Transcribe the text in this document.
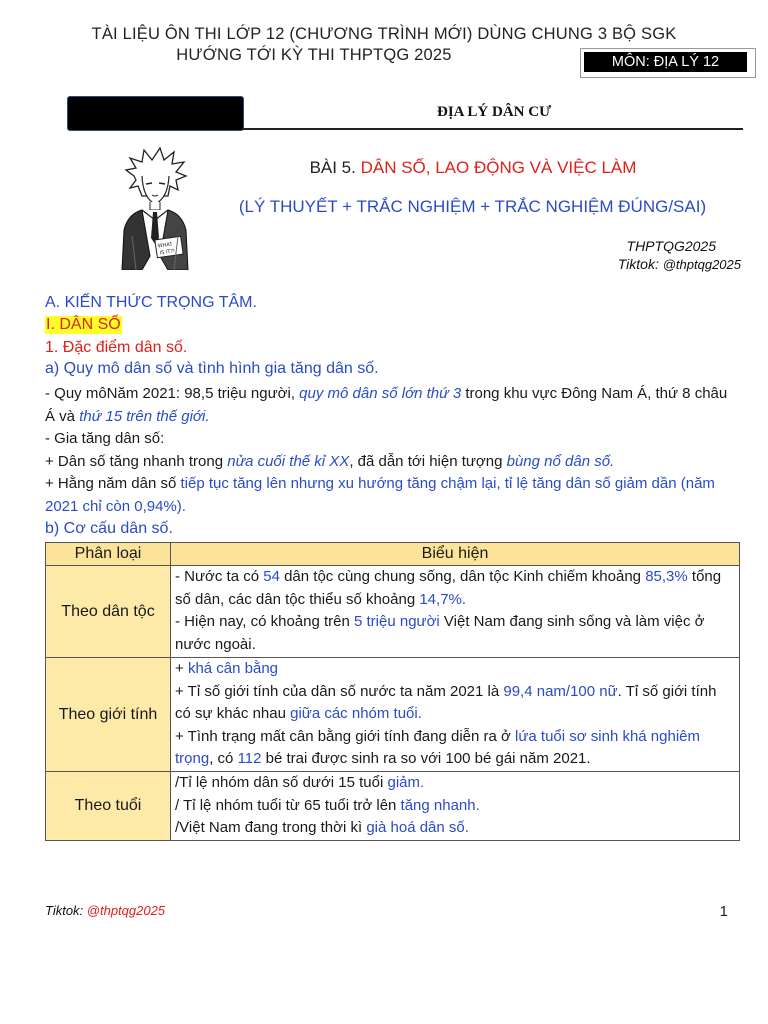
TÀI LIỆU ÔN THI LỚP 12 (CHƯƠNG TRÌNH MỚI) DÙNG CHUNG 3 BỘ SGK
HƯỚNG TỚI KỲ THI THPTQG 2025	MÔN: ĐỊA LÝ 12
ĐỊA LÝ DÂN CƯ
WHAT
IS IT?!
BÀI 5. DÂN SỐ, LAO ĐỘNG VÀ VIỆC LÀM
(LÝ THUYẾT + TRẮC NGHIỆM + TRẮC NGHIỆM ĐÚNG/SAI)
THPTQG2025
Tiktok: @thptqg2025
A. KIẾN THỨC TRỌNG TÂM.
I. DÂN SỐ
1. Đặc điểm dân số.
a) Quy mô dân số và tình hình gia tăng dân số.
- Quy môNăm 2021: 98,5 triệu người, quy mô dân số lớn thứ 3 trong khu vực Đông Nam Á, thứ 8 châu Á và thứ 15 trên thế giới.
- Gia tăng dân số:
+ Dân số tăng nhanh trong nửa cuối thế kỉ XX, đã dẫn tới hiện tượng bùng nổ dân số.
+ Hằng năm dân số tiếp tục tăng lên nhưng xu hướng tăng chậm lại, tỉ lệ tăng dân số giảm dần (năm 2021 chỉ còn 0,94%).
b) Cơ cấu dân số.
Phân loại	Biểu hiện
Theo dân tộc	- Nước ta có 54 dân tộc cùng chung sống, dân tộc Kinh chiếm khoảng 85,3% tổng số dân, các dân tộc thiểu số khoảng 14,7%.
- Hiện nay, có khoảng trên 5 triệu người Việt Nam đang sinh sống và làm việc ở nước ngoài.
Theo giới tính	+ khá cân bằng
+ Tỉ số giới tính của dân số nước ta năm 2021 là 99,4 nam/100 nữ. Tỉ số giới tính có sự khác nhau giữa các nhóm tuổi.
+ Tình trạng mất cân bằng giới tính đang diễn ra ở lứa tuổi sơ sinh khá nghiêm trọng, có 112 bé trai được sinh ra so với 100 bé gái năm 2021.
Theo tuổi	/Tỉ lệ nhóm dân số dưới 15 tuổi giảm.
/ Tỉ lệ nhóm tuổi từ 65 tuổi trở lên tăng nhanh.
/Việt Nam đang trong thời kì già hoá dân số.
Tiktok: @thptqg2025	1
